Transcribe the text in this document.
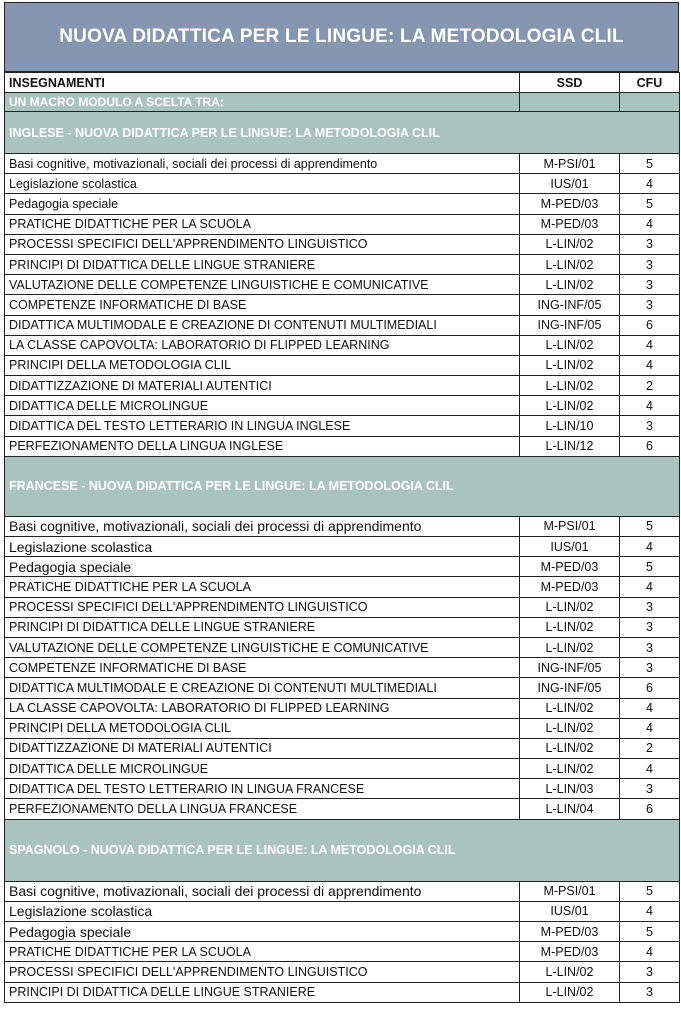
NUOVA DIDATTICA PER LE LINGUE: LA METODOLOGIA CLIL
INSEGNAMENTI	SSD	CFU
UN MACRO MODULO A SCELTA TRA:		
INGLESE - NUOVA DIDATTICA PER LE LINGUE: LA METODOLOGIA CLIL		
Basi cognitive, motivazionali, sociali dei processi di apprendimento	M-PSI/01	5
Legislazione scolastica	IUS/01	4
Pedagogia speciale	M-PED/03	5
PRATICHE DIDATTICHE PER LA SCUOLA	M-PED/03	4
PROCESSI SPECIFICI DELL'APPRENDIMENTO LINGUISTICO	L-LIN/02	3
PRINCIPI DI DIDATTICA DELLE LINGUE STRANIERE	L-LIN/02	3
VALUTAZIONE DELLE COMPETENZE LINGUISTICHE E COMUNICATIVE	L-LIN/02	3
COMPETENZE INFORMATICHE DI BASE	ING-INF/05	3
DIDATTICA MULTIMODALE E CREAZIONE DI CONTENUTI MULTIMEDIALI	ING-INF/05	6
LA CLASSE CAPOVOLTA: LABORATORIO DI FLIPPED LEARNING	L-LIN/02	4
PRINCIPI DELLA METODOLOGIA CLIL	L-LIN/02	4
DIDATTIZZAZIONE DI MATERIALI AUTENTICI	L-LIN/02	2
DIDATTICA DELLE MICROLINGUE	L-LIN/02	4
DIDATTICA DEL TESTO LETTERARIO IN LINGUA INGLESE	L-LIN/10	3
PERFEZIONAMENTO DELLA LINGUA INGLESE	L-LIN/12	6
FRANCESE - NUOVA DIDATTICA PER LE LINGUE: LA METODOLOGIA CLIL		
Basi cognitive, motivazionali, sociali dei processi di apprendimento	M-PSI/01	5
Legislazione scolastica	IUS/01	4
Pedagogia speciale	M-PED/03	5
PRATICHE DIDATTICHE PER LA SCUOLA	M-PED/03	4
PROCESSI SPECIFICI DELL'APPRENDIMENTO LINGUISTICO	L-LIN/02	3
PRINCIPI DI DIDATTICA DELLE LINGUE STRANIERE	L-LIN/02	3
VALUTAZIONE DELLE COMPETENZE LINGUISTICHE E COMUNICATIVE	L-LIN/02	3
COMPETENZE INFORMATICHE DI BASE	ING-INF/05	3
DIDATTICA MULTIMODALE E CREAZIONE DI CONTENUTI MULTIMEDIALI	ING-INF/05	6
LA CLASSE CAPOVOLTA: LABORATORIO DI FLIPPED LEARNING	L-LIN/02	4
PRINCIPI DELLA METODOLOGIA CLIL	L-LIN/02	4
DIDATTIZZAZIONE DI MATERIALI AUTENTICI	L-LIN/02	2
DIDATTICA DELLE MICROLINGUE	L-LIN/02	4
DIDATTICA DEL TESTO LETTERARIO IN LINGUA FRANCESE	L-LIN/03	3
PERFEZIONAMENTO DELLA LINGUA FRANCESE	L-LIN/04	6
SPAGNOLO - NUOVA DIDATTICA PER LE LINGUE: LA METODOLOGIA CLIL		
Basi cognitive, motivazionali, sociali dei processi di apprendimento	M-PSI/01	5
Legislazione scolastica	IUS/01	4
Pedagogia speciale	M-PED/03	5
PRATICHE DIDATTICHE PER LA SCUOLA	M-PED/03	4
PROCESSI SPECIFICI DELL'APPRENDIMENTO LINGUISTICO	L-LIN/02	3
PRINCIPI DI DIDATTICA DELLE LINGUE STRANIERE	L-LIN/02	3
